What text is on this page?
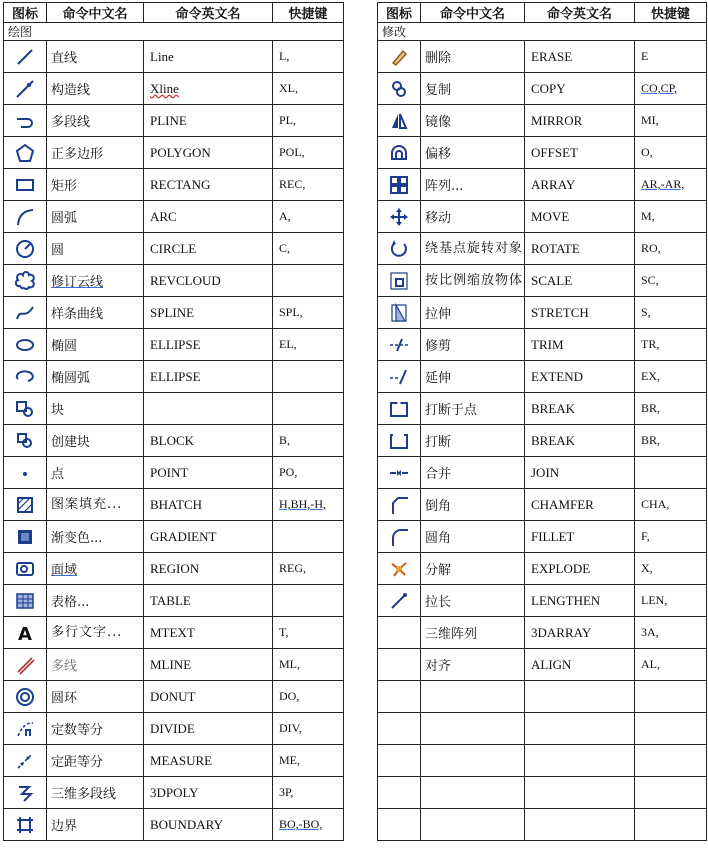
图标	命令中文名	命令英文名	快捷键
绘图			

	直线	Line	L,

	构造线	Xline	XL,

	多段线	PLINE	PL,

	正多边形	POLYGON	POL,

	矩形	RECTANG	REC,

	圆弧	ARC	A,

	圆	CIRCLE	C,

	修订云线	REVCLOUD	

	样条曲线	SPLINE	SPL,

	椭圆	ELLIPSE	EL,

	椭圆弧	ELLIPSE	

	块		

	创建块	BLOCK	B,

	点	POINT	PO,

	图案填充...	BHATCH	H,BH,-H,

	渐变色...	GRADIENT	

	面域	REGION	REG,

	表格...	TABLE	

A	多行文字...	MTEXT	T,

	多线	MLINE	ML,

	圆环	DONUT	DO,

	定数等分	DIVIDE	DIV,

	定距等分	MEASURE	ME,

	三维多段线	3DPOLY	3P,

	边界	BOUNDARY	BO,-BO,
图标	命令中文名	命令英文名	快捷键
修改			

	删除	ERASE	E

	复制	COPY	CO,CP,

	镜像	MIRROR	MI,

	偏移	OFFSET	O,

	阵列...	ARRAY	AR,-AR,

	移动	MOVE	M,

	绕基点旋转对象	ROTATE	RO,

	按比例缩放物体	SCALE	SC,

	拉伸	STRETCH	S,

	修剪	TRIM	TR,

	延伸	EXTEND	EX,

	打断于点	BREAK	BR,

	打断	BREAK	BR,

	合并	JOIN	

	倒角	CHAMFER	CHA,

	圆角	FILLET	F,

	分解	EXPLODE	X,

	拉长	LENGTHEN	LEN,
	三维阵列	3DARRAY	3A,
	对齐	ALIGN	AL,
